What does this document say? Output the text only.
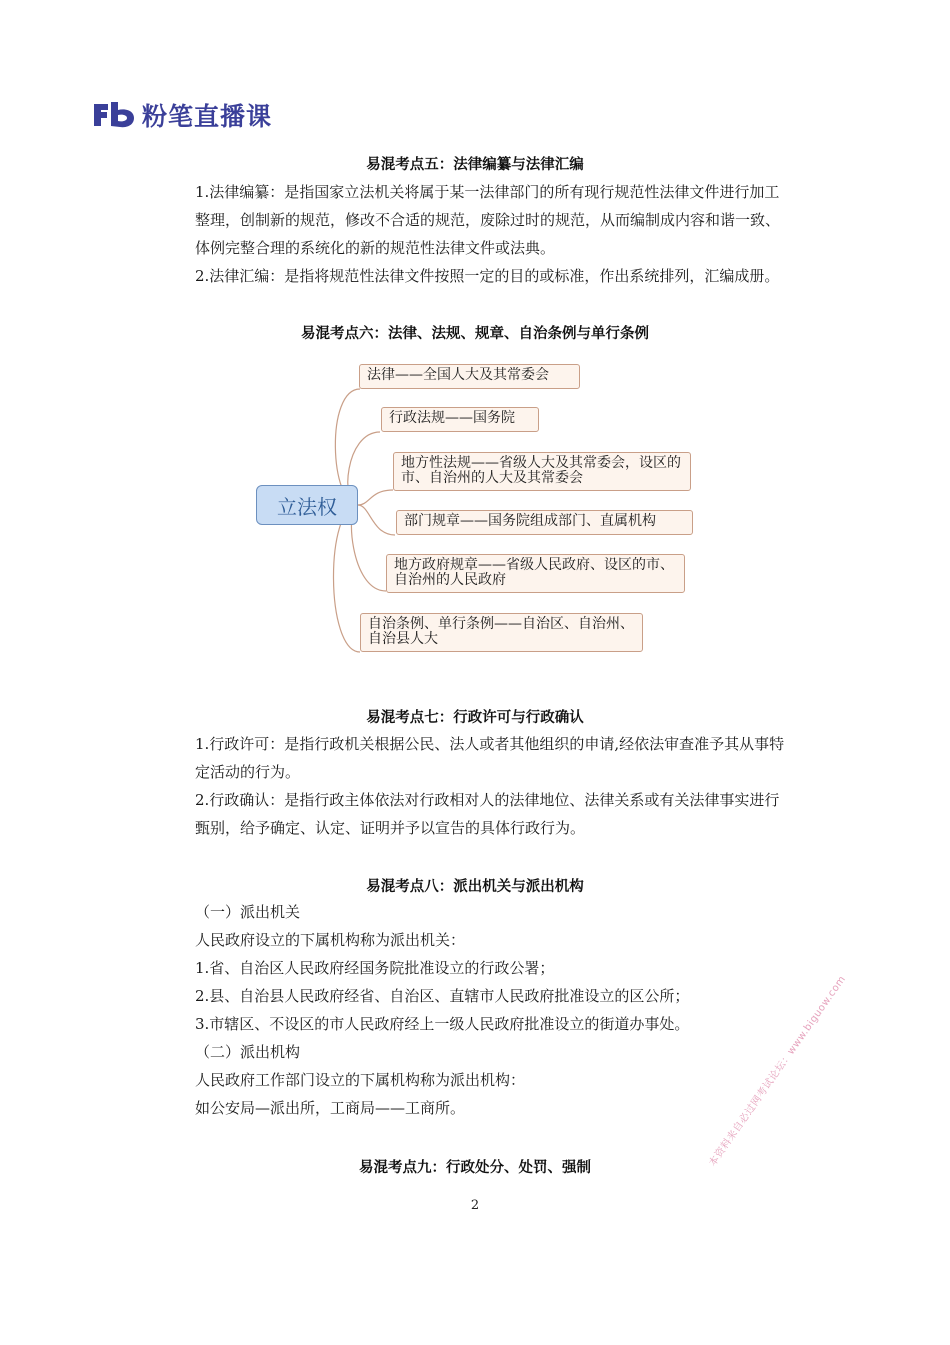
粉笔直播课
易混考点五：法律编纂与法律汇编
1.法律编纂：是指国家立法机关将属于某一法律部门的所有现行规范性法律文件进行加工整理，创制新的规范，修改不合适的规范，废除过时的规范，从而编制成内容和谐一致、体例完整合理的系统化的新的规范性法律文件或法典。
2.法律汇编：是指将规范性法律文件按照一定的目的或标准，作出系统排列，汇编成册。
易混考点六：法律、法规、规章、自治条例与单行条例
立法权
法律——全国人大及其常委会
行政法规——国务院
地方性法规——省级人大及其常委会，设区的市、自治州的人大及其常委会
部门规章——国务院组成部门、直属机构
地方政府规章——省级人民政府、设区的市、自治州的人民政府
自治条例、单行条例——自治区、自治州、自治县人大
易混考点七：行政许可与行政确认
1.行政许可：是指行政机关根据公民、法人或者其他组织的申请,经依法审查准予其从事特定活动的行为。
2.行政确认：是指行政主体依法对行政相对人的法律地位、法律关系或有关法律事实进行甄别，给予确定、认定、证明并予以宣告的具体行政行为。
易混考点八：派出机关与派出机构
（一）派出机关
人民政府设立的下属机构称为派出机关：
1.省、自治区人民政府经国务院批准设立的行政公署；
2.县、自治县人民政府经省、自治区、直辖市人民政府批准设立的区公所；
3.市辖区、不设区的市人民政府经上一级人民政府批准设立的街道办事处。
（二）派出机构
人民政府工作部门设立的下属机构称为派出机构：
如公安局—派出所，工商局——工商所。
易混考点九：行政处分、处罚、强制
2
本资料来自必过网考试论坛：www.biguow.com
